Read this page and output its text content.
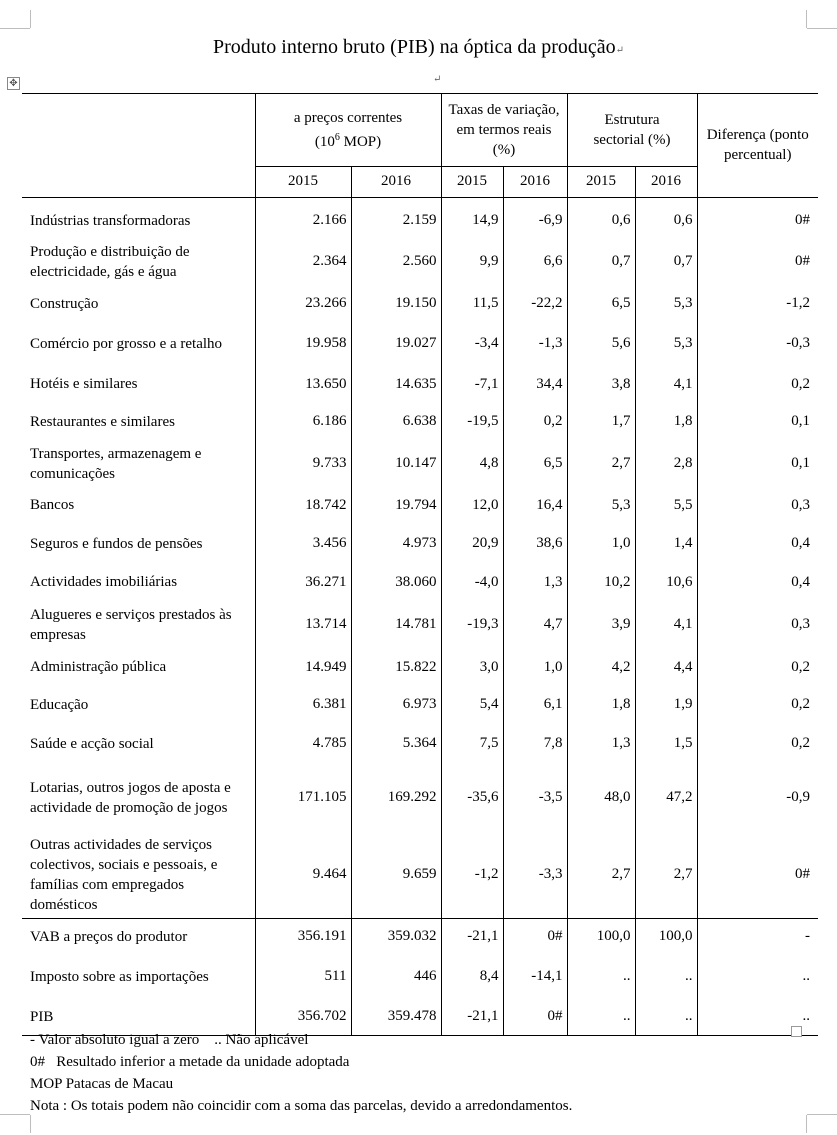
Produto interno bruto (PIB) na óptica da produção↵
✥	↵
	a preços correntes
($10^6$ MOP)		Taxas de variação, em termos reais (%)		Estrutura sectorial (%)		Diferença (ponto percentual)
	2015	2016	2015	2016	2015	2016	

Indústrias transformadoras	2.166	2.159	14,9	-6,9	0,6	0,6	0#
Produção e distribuição de electricidade, gás e água	2.364	2.560	9,9	6,6	0,7	0,7	0#
Construção	23.266	19.150	11,5	-22,2	6,5	5,3	-1,2
Comércio por grosso e a retalho	19.958	19.027	-3,4	-1,3	5,6	5,3	-0,3
Hotéis e similares	13.650	14.635	-7,1	34,4	3,8	4,1	0,2
Restaurantes e similares	6.186	6.638	-19,5	0,2	1,7	1,8	0,1
Transportes, armazenagem e comunicações	9.733	10.147	4,8	6,5	2,7	2,8	0,1
Bancos	18.742	19.794	12,0	16,4	5,3	5,5	0,3
Seguros e fundos de pensões	3.456	4.973	20,9	38,6	1,0	1,4	0,4
Actividades imobiliárias	36.271	38.060	-4,0	1,3	10,2	10,6	0,4
Alugueres e serviços prestados às empresas	13.714	14.781	-19,3	4,7	3,9	4,1	0,3
Administração pública	14.949	15.822	3,0	1,0	4,2	4,4	0,2
Educação	6.381	6.973	5,4	6,1	1,8	1,9	0,2
Saúde e acção social	4.785	5.364	7,5	7,8	1,3	1,5	0,2
Lotarias, outros jogos de aposta e actividade de promoção de jogos	171.105	169.292	-35,6	-3,5	48,0	47,2	-0,9
Outras actividades de serviços colectivos, sociais e pessoais, e famílias com empregados domésticos	9.464	9.659	-1,2	-3,3	2,7	2,7	0#
VAB a preços do produtor	356.191	359.032	-21,1	0#	100,0	100,0	-
Imposto sobre as importações	511	446	8,4	-14,1	..	..	..
PIB	356.702	359.478	-21,1	0#	..	..	..
- Valor absoluto igual a zero .. Não aplicável
0# Resultado inferior a metade da unidade adoptada
MOP Patacas de Macau
Nota : Os totais podem não coincidir com a soma das parcelas, devido a arredondamentos.
